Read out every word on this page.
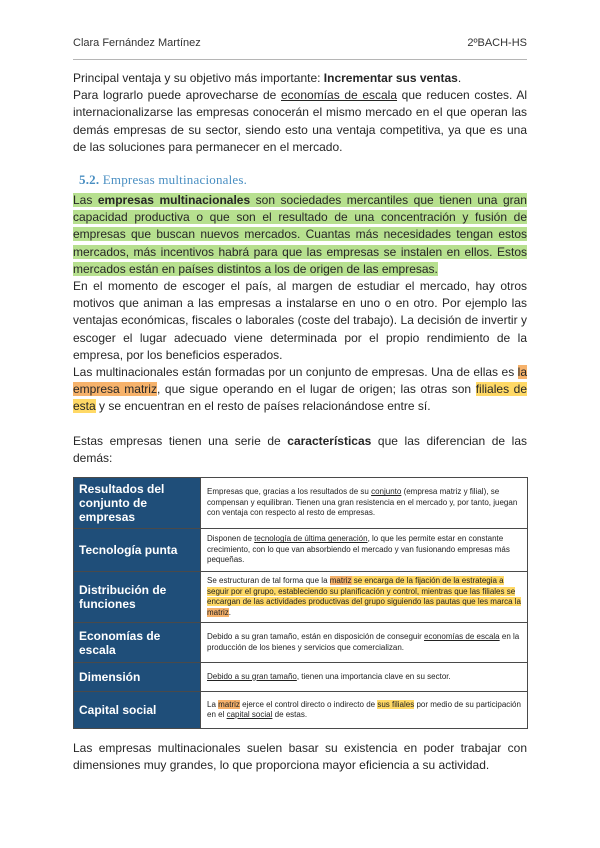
Clara Fernández Martínez	2ºBACH-HS

Principal ventaja y su objetivo más importante: Incrementar sus ventas.

Para lograrlo puede aprovecharse de economías de escala que reducen costes. Al internacionalizarse las empresas conocerán el mismo mercado en el que operan las demás empresas de su sector, siendo esto una ventaja competitiva, ya que es una de las soluciones para permanecer en el mercado.

5.2. Empresas multinacionales.

Las empresas multinacionales son sociedades mercantiles que tienen una gran capacidad productiva o que son el resultado de una concentración y fusión de empresas que buscan nuevos mercados. Cuantas más necesidades tengan estos mercados, más incentivos habrá para que las empresas se instalen en ellos. Estos mercados están en países distintos a los de origen de las empresas.

En el momento de escoger el país, al margen de estudiar el mercado, hay otros motivos que animan a las empresas a instalarse en uno o en otro. Por ejemplo las ventajas económicas, fiscales o laborales (coste del trabajo). La decisión de invertir y escoger el lugar adecuado viene determinada por el propio rendimiento de la empresa, por los beneficios esperados.

Las multinacionales están formadas por un conjunto de empresas. Una de ellas es la empresa matriz, que sigue operando en el lugar de origen; las otras son filiales de esta y se encuentran en el resto de países relacionándose entre sí.

Estas empresas tienen una serie de características que las diferencian de las demás:

Resultados del conjunto de empresas	Empresas que, gracias a los resultados de su conjunto (empresa matriz y filial), se compensan y equilibran. Tienen una gran resistencia en el mercado y, por tanto, juegan con ventaja con respecto al resto de empresas.
Tecnología punta	Disponen de tecnología de última generación, lo que les permite estar en constante crecimiento, con lo que van absorbiendo el mercado y van fusionando empresas más pequeñas.
Distribución de funciones	Se estructuran de tal forma que la matriz se encarga de la fijación de la estrategia a seguir por el grupo, estableciendo su planificación y control, mientras que las filiales se encargan de las actividades productivas del grupo siguiendo las pautas que les marca la matriz.
Economías de escala	Debido a su gran tamaño, están en disposición de conseguir economías de escala en la producción de los bienes y servicios que comercializan.
Dimensión	Debido a su gran tamaño, tienen una importancia clave en su sector.
Capital social	La matriz ejerce el control directo o indirecto de sus filiales por medio de su participación en el capital social de estas.

Las empresas multinacionales suelen basar su existencia en poder trabajar con dimensiones muy grandes, lo que proporciona mayor eficiencia a su actividad.
